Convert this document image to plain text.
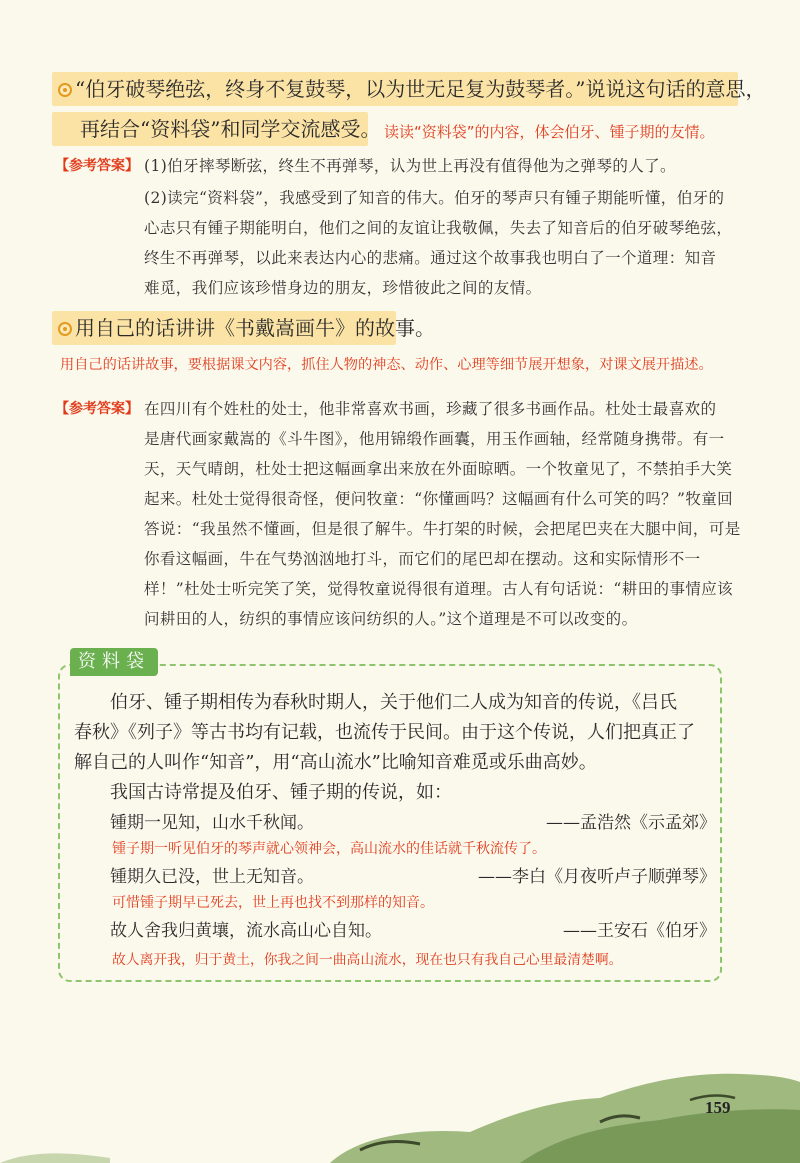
“伯牙破琴绝弦，终身不复鼓琴，以为世无足复为鼓琴者。”说说这句话的意思，
再结合“资料袋”和同学交流感受。 读读“资料袋”的内容，体会伯牙、锺子期的友情。
【参考答案】 (1)伯牙摔琴断弦，终生不再弹琴，认为世上再没有值得他为之弹琴的人了。
(2)读完“资料袋”，我感受到了知音的伟大。伯牙的琴声只有锺子期能听懂，伯牙的
心志只有锺子期能明白，他们之间的友谊让我敬佩，失去了知音后的伯牙破琴绝弦，
终生不再弹琴，以此来表达内心的悲痛。通过这个故事我也明白了一个道理：知音
难觅，我们应该珍惜身边的朋友，珍惜彼此之间的友情。
用自己的话讲讲《书戴嵩画牛》的故事。
用自己的话讲故事，要根据课文内容，抓住人物的神态、动作、心理等细节展开想象，对课文展开描述。
【参考答案】 在四川有个姓杜的处士，他非常喜欢书画，珍藏了很多书画作品。杜处士最喜欢的
是唐代画家戴嵩的《斗牛图》，他用锦缎作画囊，用玉作画轴，经常随身携带。有一
天，天气晴朗，杜处士把这幅画拿出来放在外面晾晒。一个牧童见了，不禁拍手大笑
起来。杜处士觉得很奇怪，便问牧童：“你懂画吗？这幅画有什么可笑的吗？”牧童回
答说：“我虽然不懂画，但是很了解牛。牛打架的时候，会把尾巴夹在大腿中间，可是
你看这幅画，牛在气势汹汹地打斗，而它们的尾巴却在摆动。这和实际情形不一
样！”杜处士听完笑了笑，觉得牧童说得很有道理。古人有句话说：“耕田的事情应该
问耕田的人，纺织的事情应该问纺织的人。”这个道理是不可以改变的。
资料袋
伯牙、锺子期相传为春秋时期人，关于他们二人成为知音的传说，《吕氏
春秋》《列子》等古书均有记载，也流传于民间。由于这个传说，人们把真正了
解自己的人叫作“知音”，用“高山流水”比喻知音难觅或乐曲高妙。
我国古诗常提及伯牙、锺子期的传说，如：
锺期一见知，山水千秋闻。	——孟浩然《示孟郊》
锺子期一听见伯牙的琴声就心领神会，高山流水的佳话就千秋流传了。
锺期久已没，世上无知音。	——李白《月夜听卢子顺弹琴》
可惜锺子期早已死去，世上再也找不到那样的知音。
故人舍我归黄壤，流水高山心自知。	——王安石《伯牙》
故人离开我，归于黄土，你我之间一曲高山流水，现在也只有我自己心里最清楚啊。
159
